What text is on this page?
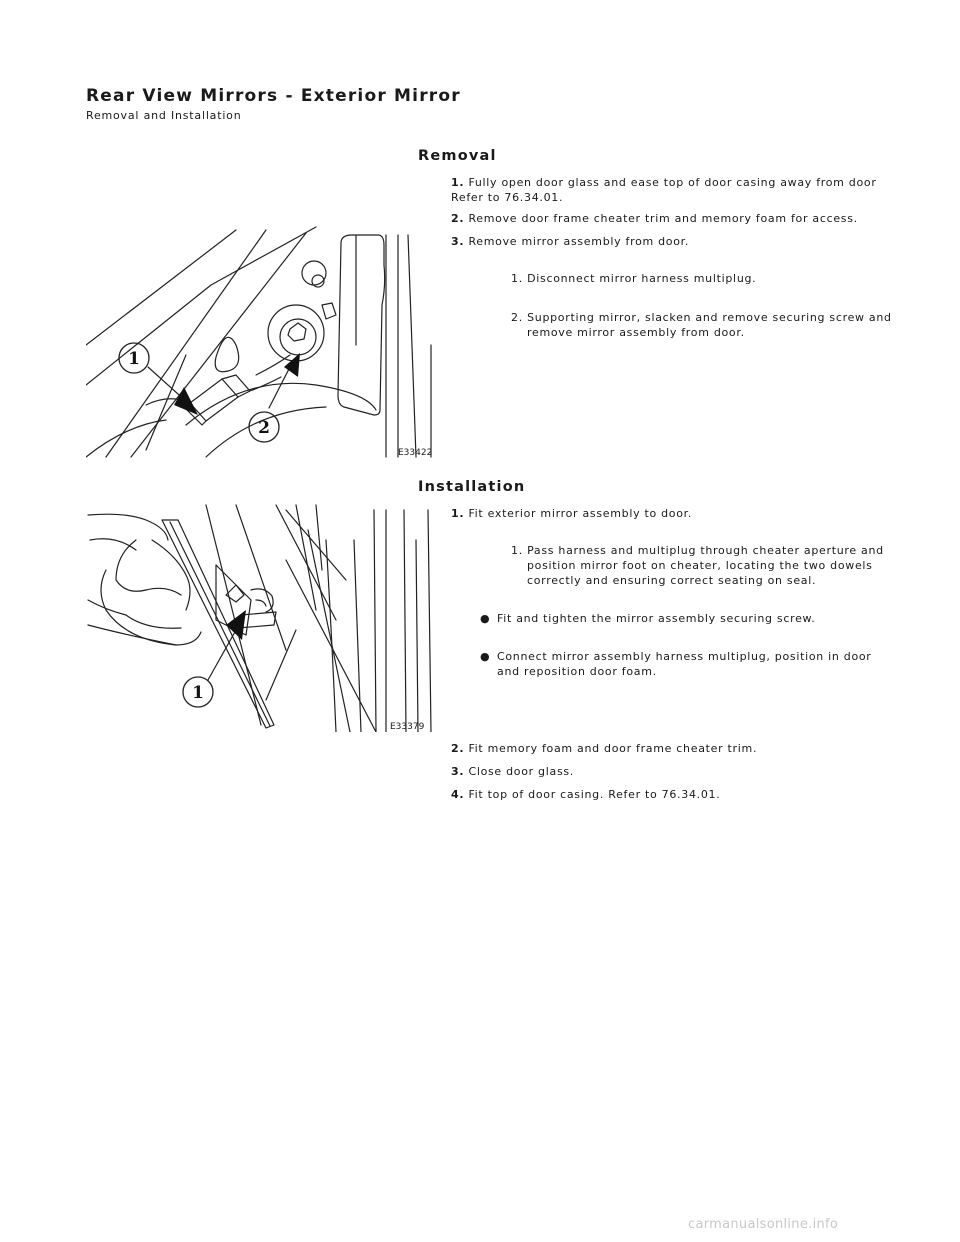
Rear View Mirrors - Exterior Mirror
Removal and Installation
Removal
1
2
E33422
1. Fully open door glass and ease top of door casing away from door Refer to 76.34.01.
2. Remove door frame cheater trim and memory foam for access.
3. Remove mirror assembly from door.
1. Disconnect mirror harness multiplug.
2. Supporting mirror, slacken and remove securing screw and remove mirror assembly from door.
Installation
1
E33379
1. Fit exterior mirror assembly to door.
1. Pass harness and multiplug through cheater aperture and position mirror foot on cheater, locating the two dowels correctly and ensuring correct seating on seal.
● Fit and tighten the mirror assembly securing screw.
● Connect mirror assembly harness multiplug, position in door and reposition door foam.
2. Fit memory foam and door frame cheater trim.
3. Close door glass.
4. Fit top of door casing. Refer to 76.34.01.
carmanualsonline.info
